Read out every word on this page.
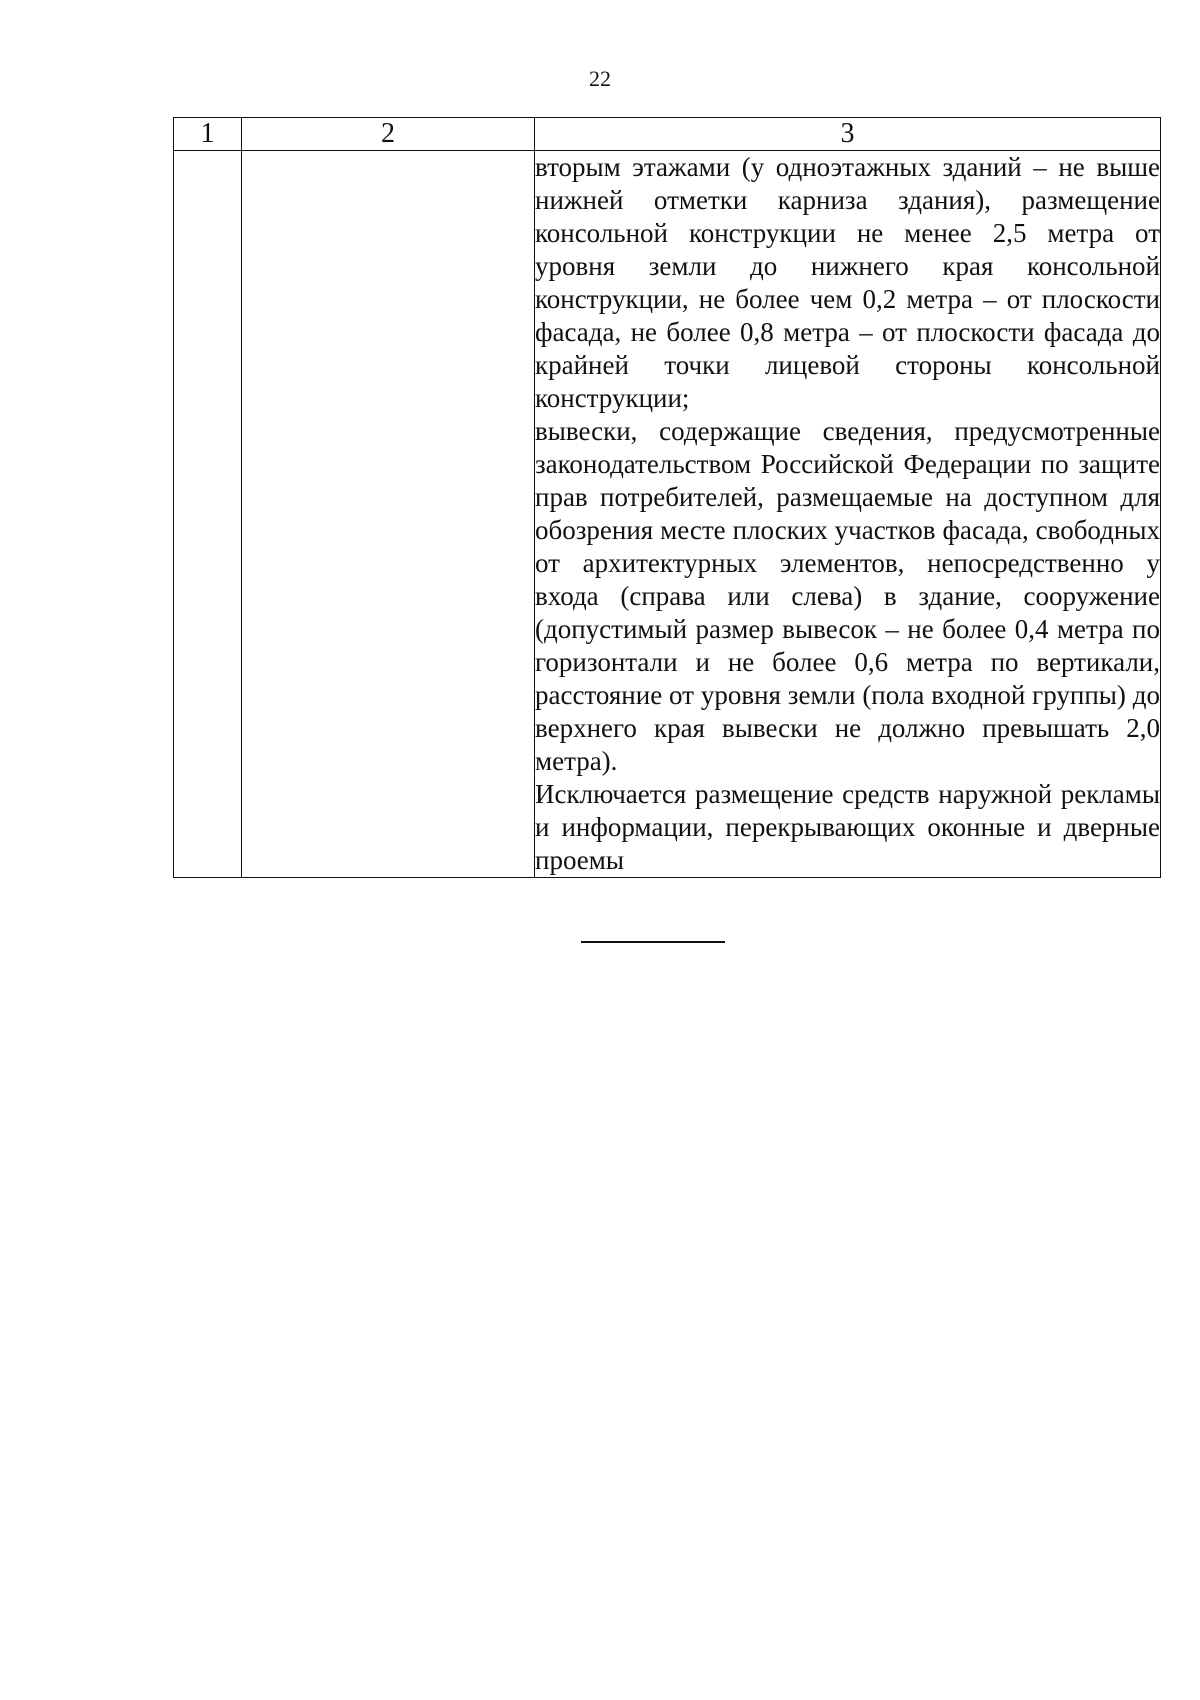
22
1	2	3

		вторым этажами (у одноэтажных зданий – не выше нижней отметки карниза здания), размещение консольной конструкции не менее 2,5 метра от уровня земли до нижнего края консольной конструкции, не более чем 0,2 метра – от плоскости фасада, не более 0,8 метра – от плоскости фасада до крайней точки лицевой стороны консольной конструкции;
вывески, содержащие сведения, предусмотренные законодательством Российской Федерации по защите прав потребителей, размещаемые на доступном для обозрения месте плоских участков фасада, свободных от архитектурных элементов, непосредственно у входа (справа или слева) в здание, сооружение (допустимый размер вывесок – не более 0,4 метра по горизонтали и не более 0,6 метра по вертикали, расстояние от уровня земли (пола входной группы) до верхнего края вывески не должно превышать 2,0 метра).
Исключается размещение средств наружной рекламы и информации, перекрывающих оконные и дверные проемы
